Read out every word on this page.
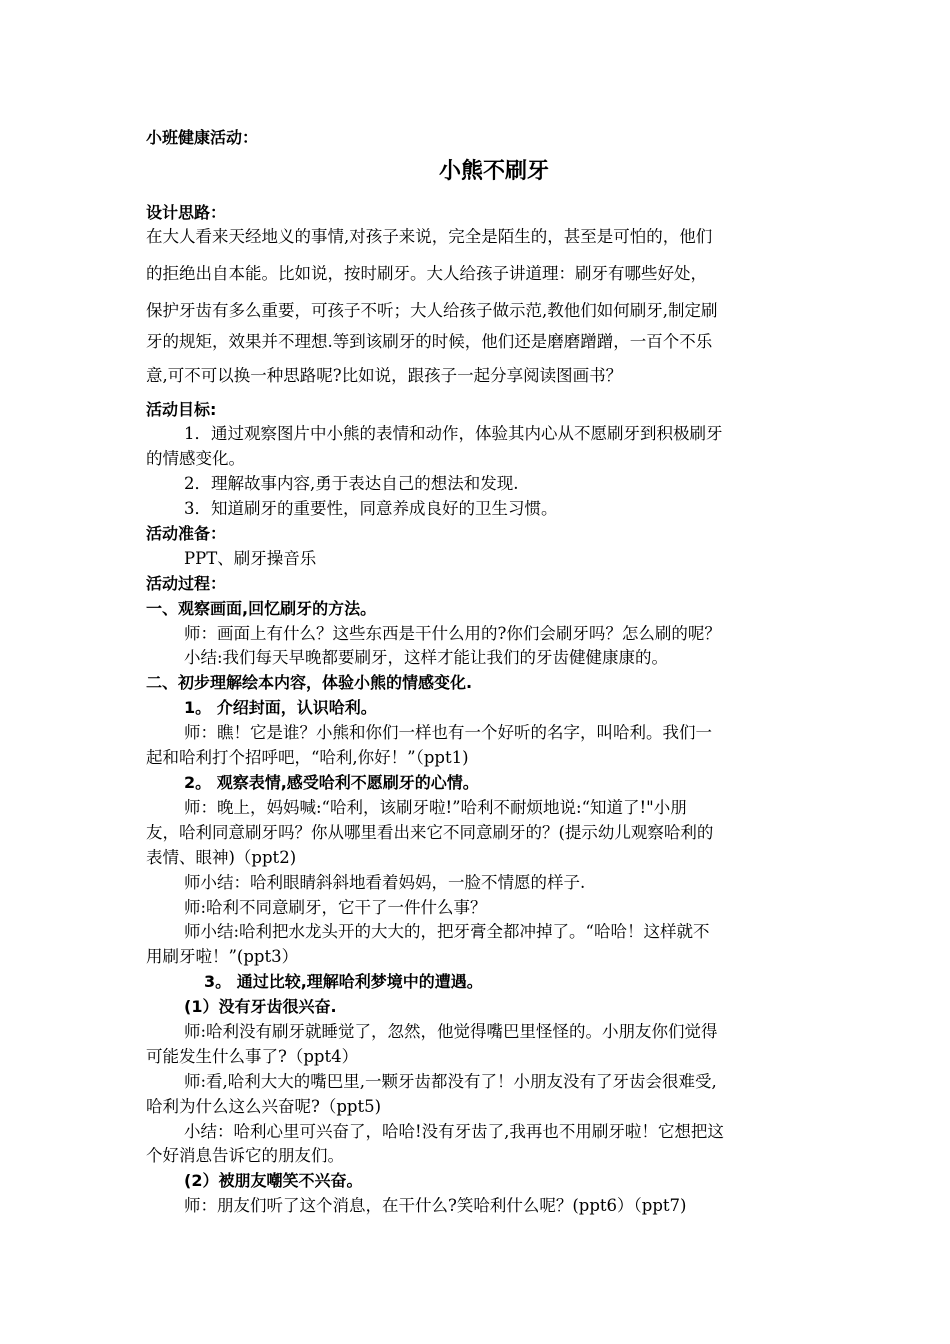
小班健康活动：
小熊不刷牙
设计思路：
在大人看来天经地义的事情,对孩子来说，完全是陌生的，甚至是可怕的，他们
的拒绝出自本能。比如说，按时刷牙。大人给孩子讲道理：刷牙有哪些好处，
保护牙齿有多么重要，可孩子不听；大人给孩子做示范,教他们如何刷牙,制定刷
牙的规矩，效果并不理想.等到该刷牙的时候，他们还是磨磨蹭蹭，一百个不乐
意,可不可以换一种思路呢?比如说，跟孩子一起分享阅读图画书？
活动目标:
1．通过观察图片中小熊的表情和动作，体验其内心从不愿刷牙到积极刷牙
的情感变化。
2．理解故事内容,勇于表达自己的想法和发现.
3．知道刷牙的重要性，同意养成良好的卫生习惯。
活动准备：
PPT、刷牙操音乐
活动过程：
一、观察画面,回忆刷牙的方法。
师：画面上有什么？这些东西是干什么用的?你们会刷牙吗？怎么刷的呢？
小结:我们每天早晚都要刷牙，这样才能让我们的牙齿健健康康的。
二、初步理解绘本内容，体验小熊的情感变化.
1。 介绍封面，认识哈利。
师：瞧！它是谁？小熊和你们一样也有一个好听的名字，叫哈利。我们一
起和哈利打个招呼吧，“哈利,你好！”（ppt1)
2。 观察表情,感受哈利不愿刷牙的心情。
师：晚上，妈妈喊:“哈利，该刷牙啦!”哈利不耐烦地说:“知道了!"小朋
友，哈利同意刷牙吗？你从哪里看出来它不同意刷牙的？(提示幼儿观察哈利的
表情、眼神)（ppt2)
师小结：哈利眼睛斜斜地看着妈妈，一脸不情愿的样子.
师:哈利不同意刷牙，它干了一件什么事？
师小结:哈利把水龙头开的大大的，把牙膏全都冲掉了。“哈哈！这样就不
用刷牙啦！”(ppt3）
3。 通过比较,理解哈利梦境中的遭遇。
(1）没有牙齿很兴奋.
师:哈利没有刷牙就睡觉了，忽然，他觉得嘴巴里怪怪的。小朋友你们觉得
可能发生什么事了?（ppt4）
师:看,哈利大大的嘴巴里,一颗牙齿都没有了！小朋友没有了牙齿会很难受,
哈利为什么这么兴奋呢?（ppt5)
小结：哈利心里可兴奋了，哈哈!没有牙齿了,我再也不用刷牙啦！它想把这
个好消息告诉它的朋友们。
(2）被朋友嘲笑不兴奋。
师：朋友们听了这个消息，在干什么?笑哈利什么呢？(ppt6）（ppt7)
